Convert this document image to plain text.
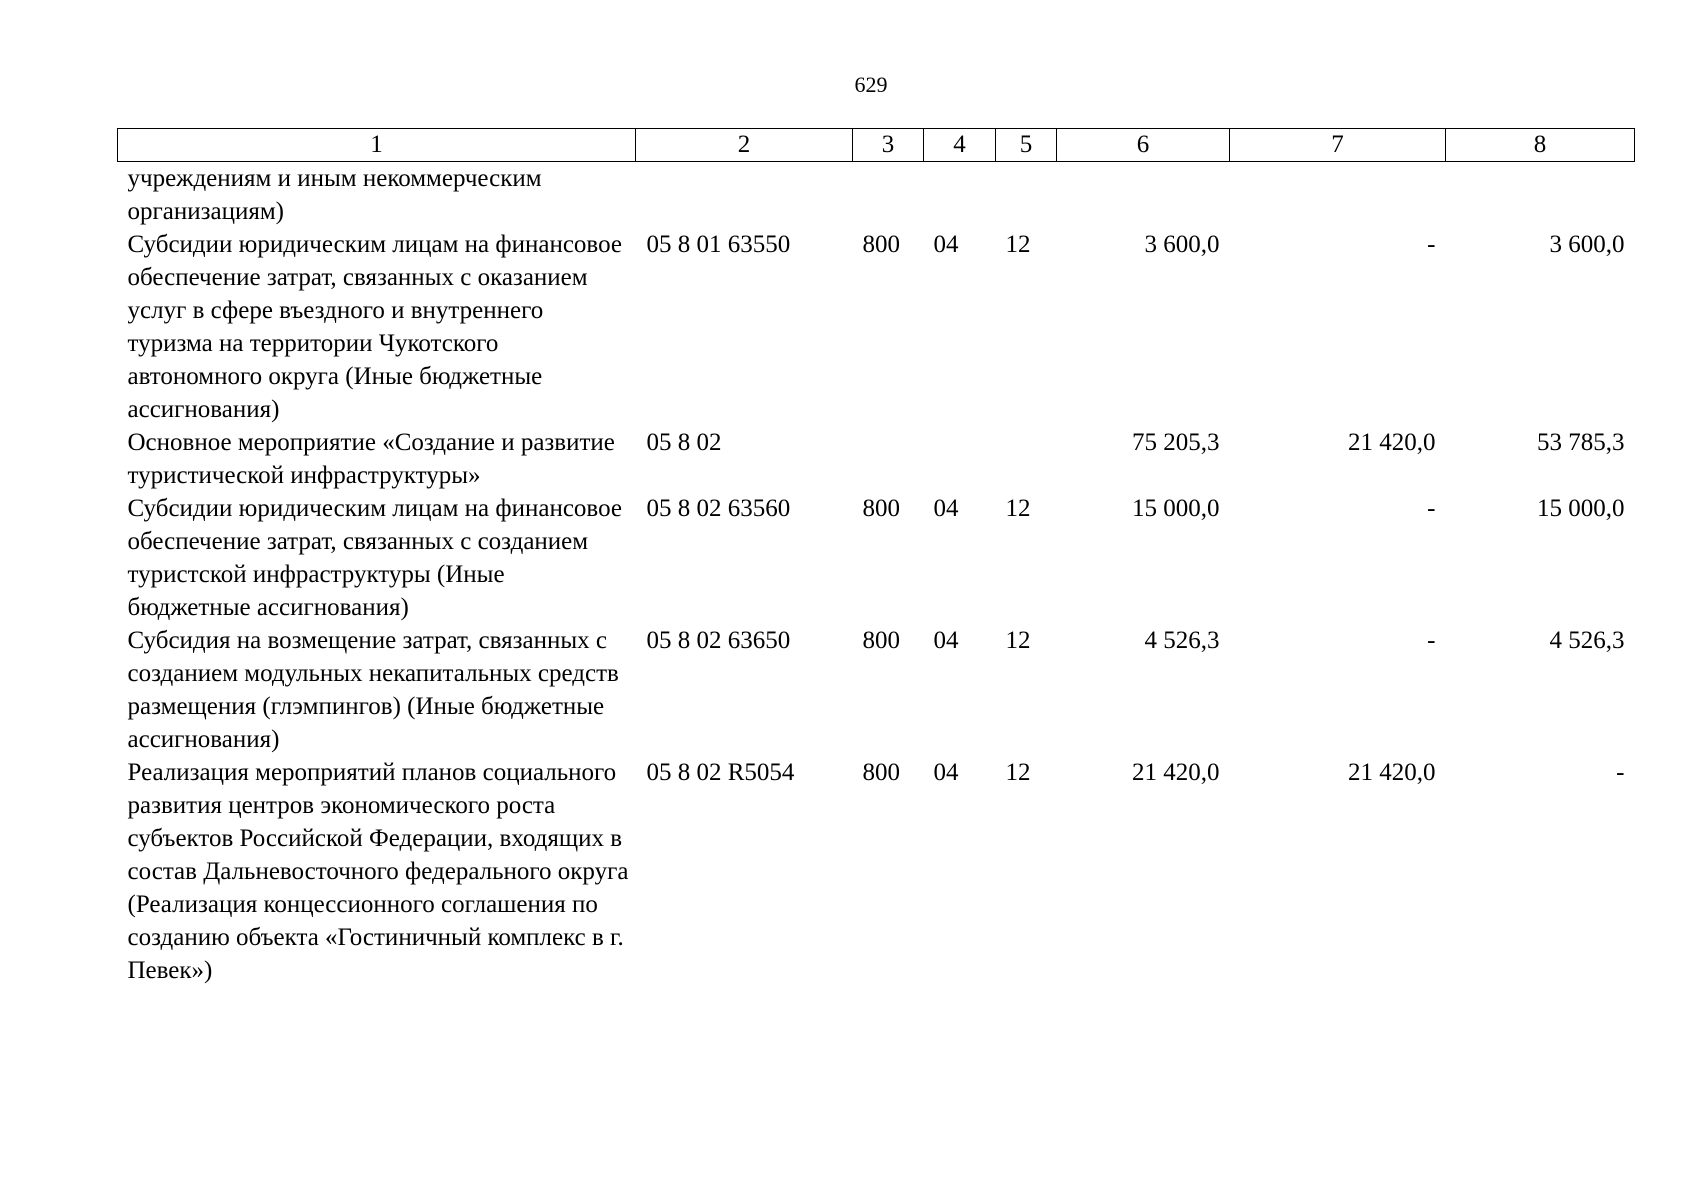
629
1	2	3	4	5	6	7	8
учреждениям и иным некоммерческим организациям)							
Субсидии юридическим лицам на финансовое обеспечение затрат, связанных с оказанием услуг в сфере въездного и внутреннего туризма на территории Чукотского автономного округа (Иные бюджетные ассигнования)	05 8 01 63550	800	04	12	3 600,0	-	3 600,0
Основное мероприятие «Создание и развитие туристической инфраструктуры»	05 8 02				75 205,3	21 420,0	53 785,3
Субсидии юридическим лицам на финансовое обеспечение затрат, связанных с созданием туристской инфраструктуры (Иные бюджетные ассигнования)	05 8 02 63560	800	04	12	15 000,0	-	15 000,0
Субсидия на возмещение затрат, связанных с созданием модульных некапитальных средств размещения (глэмпингов) (Иные бюджетные ассигнования)	05 8 02 63650	800	04	12	4 526,3	-	4 526,3
Реализация мероприятий планов социального развития центров экономического роста субъектов Российской Федерации, входящих в состав Дальневосточного федерального округа (Реализация концессионного соглашения по созданию объекта «Гостиничный комплекс в г. Певек»)	05 8 02 R5054	800	04	12	21 420,0	21 420,0	-
